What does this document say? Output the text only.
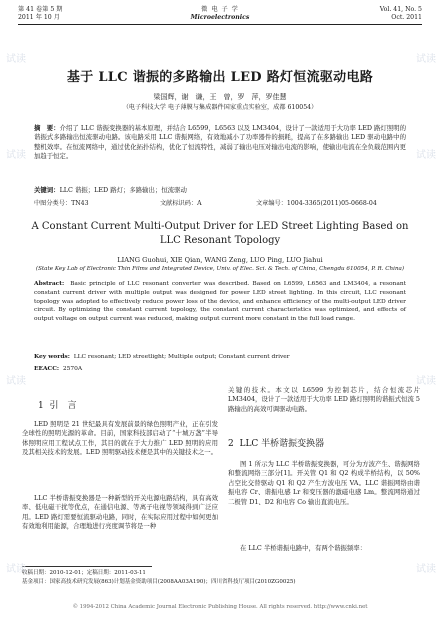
第 41 卷第 5 期
2011 年 10 月
微 电 子 学
Microelectronics
Vol. 41, No. 5
Oct. 2011
基于 LLC 谐振的多路输出 LED 路灯恒流驱动电路
梁国辉，谢　谦，王　曾，罗　萍，罗佳慧
（电子科技大学 电子薄膜与集成器件国家重点实验室，成都 610054）
摘　要：介绍了 LLC 谐振变换器的基本原理，并结合 L6599，L6563 以及 LM3404，设计了一款适用于大功率 LED 路灯照明的谐振式多路输出恒流驱动电路。该电路采用 LLC 谐振网络，有效地减小了功率器件的损耗，提高了在多路输出 LED 驱动电路中的整机效率。在恒流网络中，通过优化拓扑结构，优化了恒流特性，减弱了输出电压对输出电流的影响，使输出电流在全负载范围内更加趋于恒定。
关键词：LLC 谐振；LED 路灯；多路输出；恒流驱动
中图分类号：TN43	文献标识码：A	文章编号：1004-3365(2011)05-0668-04
A Constant Current Multi-Output Driver for LED Street Lighting Based on LLC Resonant Topology
LIANG Guohui, XIE Qian, WANG Zeng, LUO Ping, LUO Jiahui
(State Key Lab of Electronic Thin Films and Integrated Device, Univ. of Elec. Sci. & Tech. of China, Chengdu 610054, P. R. China)
Abstract: Basic principle of LLC resonant converter was described. Based on L6599, L6563 and LM3404, a resonant constant current driver with multiple output was designed for power LED street lighting. In this circuit, LLC resonant topology was adopted to effectively reduce power loss of the device, and enhance efficiency of the multi-output LED driver circuit. By optimizing the constant current topology, the constant current characteristics was optimized, and effects of output voltage on output current was reduced, making output current more constant in the full load range.
Key words: LLC resonant; LED streetlight; Multiple output; Constant current driver
EEACC: 2570A
1 引　言
LED 照明是 21 世纪最具有发展前景的绿色照明产业，正在引发全球性的照明光源的革命。目前，国家科技部启动了“十城万盏”半导体照明应用工程试点工作，其目的就在于大力推广 LED 照明的应用及其相关技术的发展。LED 照明驱动技术便是其中的关键技术之一。
LLC 半桥谐振变换器是一种新型的开关电源电路结构，具有高效率、低电磁干扰等优点，在通信电源、等离子电视等领域得到广泛应用。LED 路灯需要恒流驱动电路，同时，在实际应用过程中如何更加有效地利用能源，合理地进行亮度调节将是一种
关键的技术。本文以 L6599 为控制芯片，结合恒流芯片 LM3404，设计了一款适用于大功率 LED 路灯照明的谐振式恒流 5 路输出的高效可调驱动电路。
2 LLC 半桥谐振变换器
图 1 所示为 LLC 半桥谐振变换器，可分为方波产生、谐振网络和整流网络三部分[1]。开关管 Q1 和 Q2 构成半桥结构，以 50% 占空比交替驱动 Q1 和 Q2 产生方波电压 VA。LLC 谐振网络由谐振电容 Cr、谐振电感 Lr 和变压器的激磁电感 Lm。整流网络通过二极管 D1、D2 和电容 Co 输出直流电压。
在 LLC 半桥谐振电路中，有两个谐振频率：
收稿日期：2010-12-01；定稿日期：2011-03-11
基金项目：国家高技术研究发展(863)计划基金资助项目(2008AA03A190)；四川省科技厅项目(2010ZG0025)
© 1994-2012 China Academic Journal Electronic Publishing House. All rights reserved. http://www.cnki.net
试读
试读
试读
试读
试读
试读
试读
试读
